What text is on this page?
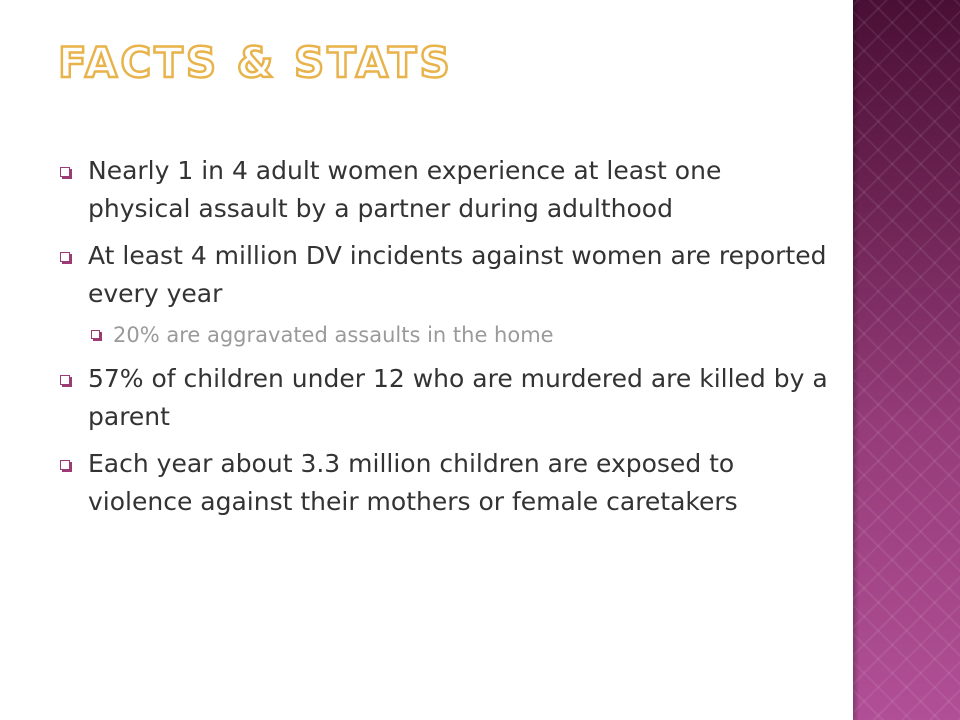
FACTS & STATS
Nearly 1 in 4 adult women experience at least one physical assault by a partner during adulthood
At least 4 million DV incidents against women are reported every year
20% are aggravated assaults in the home
57% of children under 12 who are murdered are killed by a parent
Each year about 3.3 million children are exposed to violence against their mothers or female caretakers
